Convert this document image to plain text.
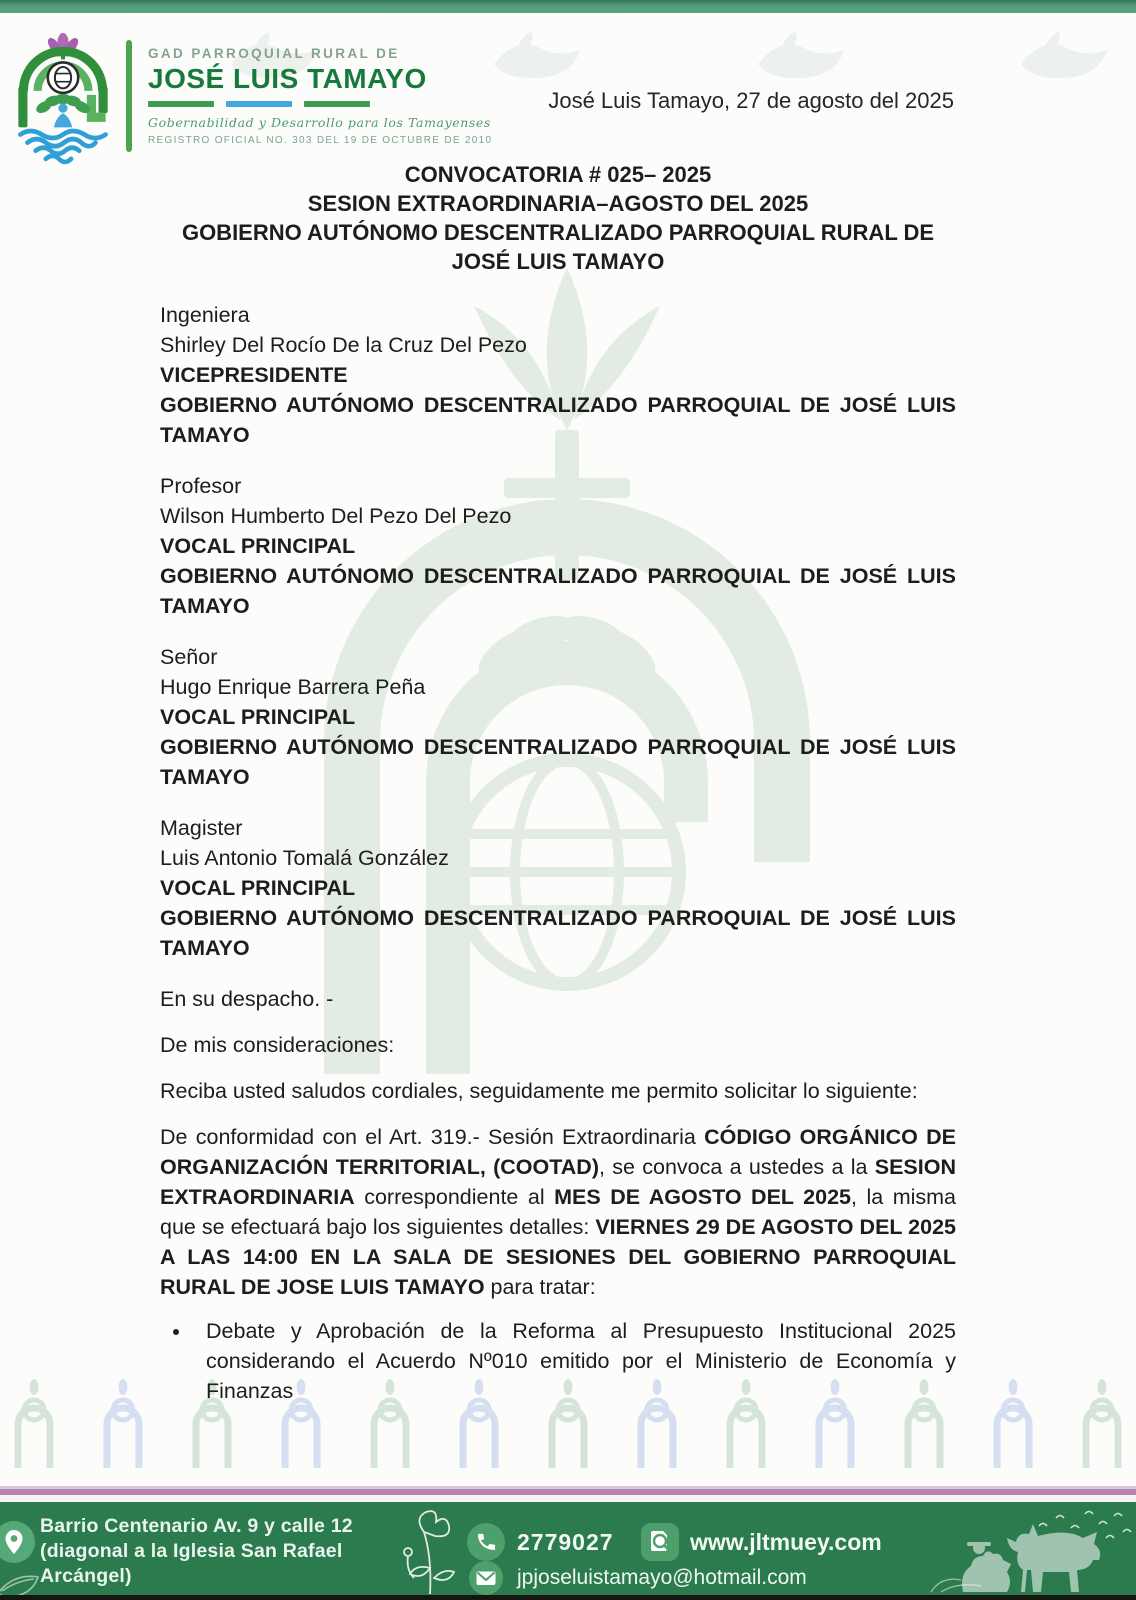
GAD PARROQUIAL RURAL DE
JOSÉ LUIS TAMAYO
Gobernabilidad y Desarrollo para los Tamayenses
REGISTRO OFICIAL NO. 303 DEL 19 DE OCTUBRE DE 2010
José Luis Tamayo, 27 de agosto del 2025
CONVOCATORIA # 025– 2025
SESION EXTRAORDINARIA–AGOSTO DEL 2025
GOBIERNO AUTÓNOMO DESCENTRALIZADO PARROQUIAL RURAL DE JOSÉ LUIS TAMAYO

Ingeniera

Shirley Del Rocío De la Cruz Del Pezo

VICEPRESIDENTE

GOBIERNO AUTÓNOMO DESCENTRALIZADO PARROQUIAL DE JOSÉ LUIS TAMAYO

Profesor

Wilson Humberto Del Pezo Del Pezo

VOCAL PRINCIPAL

GOBIERNO AUTÓNOMO DESCENTRALIZADO PARROQUIAL DE JOSÉ LUIS TAMAYO

Señor

Hugo Enrique Barrera Peña

VOCAL PRINCIPAL

GOBIERNO AUTÓNOMO DESCENTRALIZADO PARROQUIAL DE JOSÉ LUIS TAMAYO

Magister

Luis Antonio Tomalá González

VOCAL PRINCIPAL

GOBIERNO AUTÓNOMO DESCENTRALIZADO PARROQUIAL DE JOSÉ LUIS TAMAYO

En su despacho. -

De mis consideraciones:

Reciba usted saludos cordiales, seguidamente me permito solicitar lo siguiente:

De conformidad con el Art. 319.- Sesión Extraordinaria CÓDIGO ORGÁNICO DE ORGANIZACIÓN TERRITORIAL, (COOTAD), se convoca a ustedes a la SESION EXTRAORDINARIA correspondiente al MES DE AGOSTO DEL 2025, la misma que se efectuará bajo los siguientes detalles: VIERNES 29 DE AGOSTO DEL 2025 A LAS 14:00 EN LA SALA DE SESIONES DEL GOBIERNO PARROQUIAL RURAL DE JOSE LUIS TAMAYO para tratar:

• Debate y Aprobación de la Reforma al Presupuesto Institucional 2025 considerando el Acuerdo Nº010 emitido por el Ministerio de Economía y Finanzas
Barrio Centenario Av. 9 y calle 12 (diagonal a la Iglesia San Rafael Arcángel)
2779027	www.jltmuey.com
jpjoseluistamayo@hotmail.com
